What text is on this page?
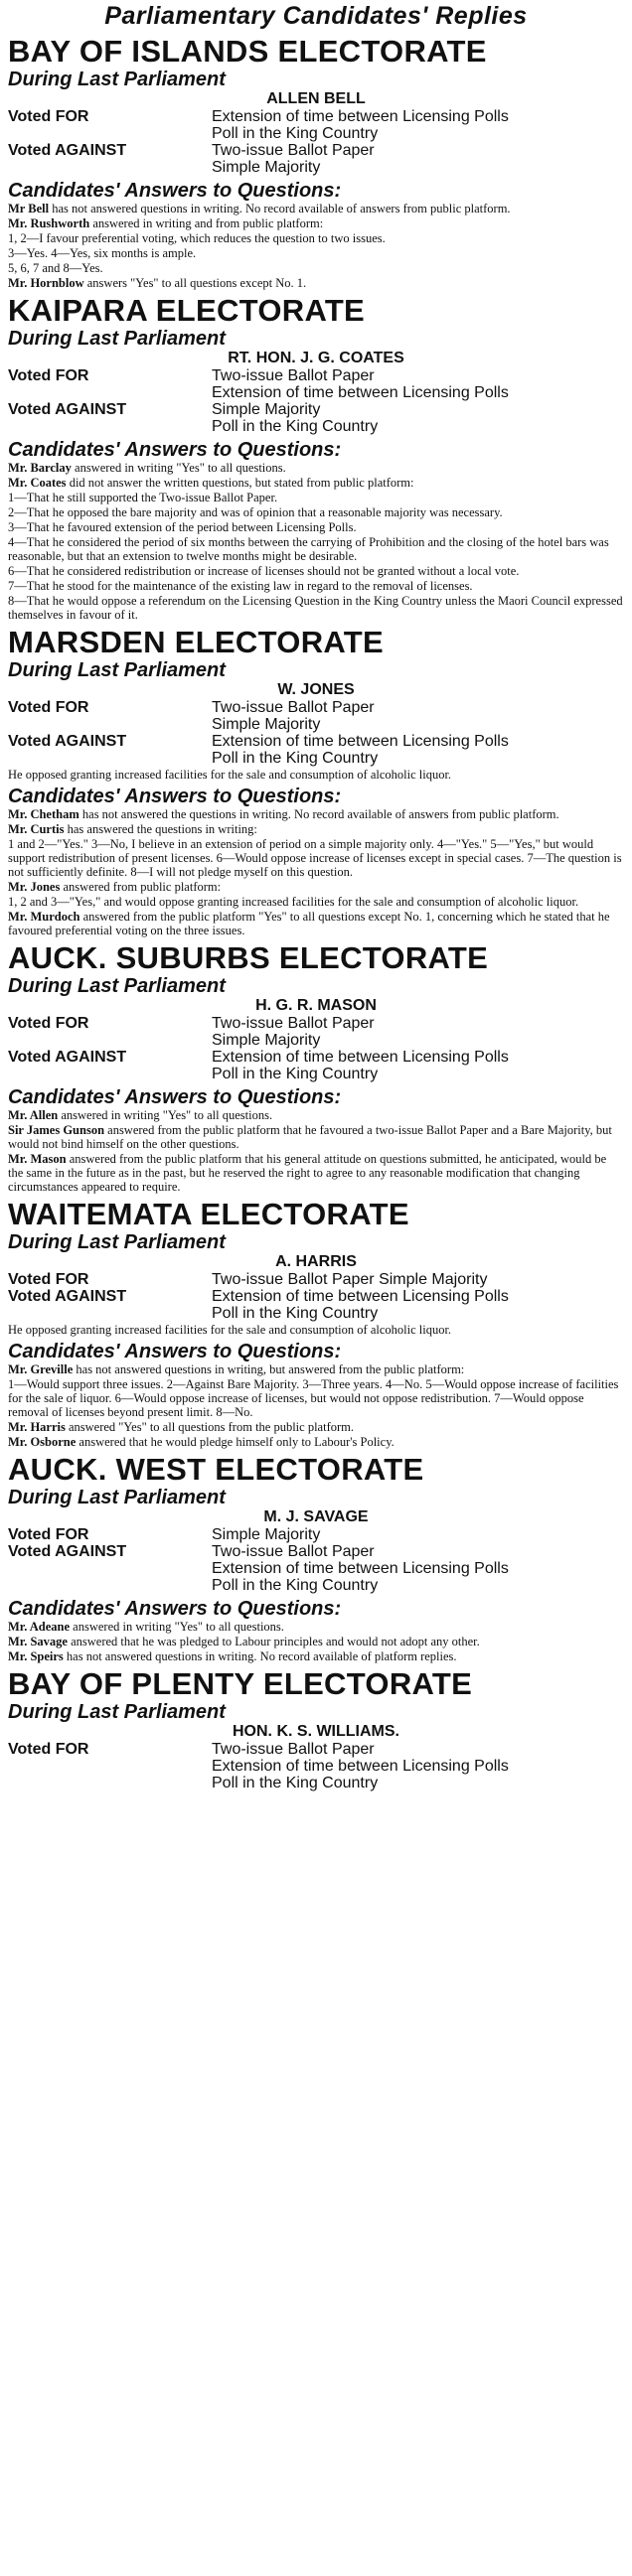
Parliamentary Candidates' Replies
BAY OF ISLANDS ELECTORATE
During Last Parliament
ALLEN BELL
Voted FOR	Extension of time between Licensing Polls
Poll in the King Country
Voted AGAINST	Two-issue Ballot Paper
Simple Majority
Candidates' Answers to Questions:

Mr Bell has not answered questions in writing. No record available of answers from public platform.

Mr. Rushworth answered in writing and from public platform:

1, 2—I favour preferential voting, which reduces the question to two issues.

3—Yes. 4—Yes, six months is ample.

5, 6, 7 and 8—Yes.

Mr. Hornblow answers "Yes" to all questions except No. 1.

KAIPARA ELECTORATE
During Last Parliament
RT. HON. J. G. COATES
Voted FOR	Two-issue Ballot Paper
Extension of time between Licensing Polls
Voted AGAINST	Simple Majority
Poll in the King Country
Candidates' Answers to Questions:

Mr. Barclay answered in writing "Yes" to all questions.

Mr. Coates did not answer the written questions, but stated from public platform:

1—That he still supported the Two-issue Ballot Paper.

2—That he opposed the bare majority and was of opinion that a reasonable majority was necessary.

3—That he favoured extension of the period between Licensing Polls.

4—That he considered the period of six months between the carrying of Prohibition and the closing of the hotel bars was reasonable, but that an extension to twelve months might be desirable.

6—That he considered redistribution or increase of licenses should not be granted without a local vote.

7—That he stood for the maintenance of the existing law in regard to the removal of licenses.

8—That he would oppose a referendum on the Licensing Question in the King Country unless the Maori Council expressed themselves in favour of it.

MARSDEN ELECTORATE
During Last Parliament
W. JONES
Voted FOR	Two-issue Ballot Paper
Simple Majority
Voted AGAINST	Extension of time between Licensing Polls
Poll in the King Country

He opposed granting increased facilities for the sale and consumption of alcoholic liquor.

Candidates' Answers to Questions:

Mr. Chetham has not answered the questions in writing. No record available of answers from public platform.

Mr. Curtis has answered the questions in writing:

1 and 2—"Yes." 3—No, I believe in an extension of period on a simple majority only. 4—"Yes." 5—"Yes," but would support redistribution of present licenses. 6—Would oppose increase of licenses except in special cases. 7—The question is not sufficiently definite. 8—I will not pledge myself on this question.

Mr. Jones answered from public platform:

1, 2 and 3—"Yes," and would oppose granting increased facilities for the sale and consumption of alcoholic liquor.

Mr. Murdoch answered from the public platform "Yes" to all questions except No. 1, concerning which he stated that he favoured preferential voting on the three issues.

AUCK. SUBURBS ELECTORATE
During Last Parliament
H. G. R. MASON
Voted FOR	Two-issue Ballot Paper
Simple Majority
Voted AGAINST	Extension of time between Licensing Polls
Poll in the King Country
Candidates' Answers to Questions:

Mr. Allen answered in writing "Yes" to all questions.

Sir James Gunson answered from the public platform that he favoured a two-issue Ballot Paper and a Bare Majority, but would not bind himself on the other questions.

Mr. Mason answered from the public platform that his general attitude on questions submitted, he anticipated, would be the same in the future as in the past, but he reserved the right to agree to any reasonable modification that changing circumstances appeared to require.

WAITEMATA ELECTORATE
During Last Parliament
A. HARRIS
Voted FOR	Two-issue Ballot Paper Simple Majority
Voted AGAINST	Extension of time between Licensing Polls
Poll in the King Country

He opposed granting increased facilities for the sale and consumption of alcoholic liquor.

Candidates' Answers to Questions:

Mr. Greville has not answered questions in writing, but answered from the public platform:

1—Would support three issues. 2—Against Bare Majority. 3—Three years. 4—No. 5—Would oppose increase of facilities for the sale of liquor. 6—Would oppose increase of licenses, but would not oppose redistribution. 7—Would oppose removal of licenses beyond present limit. 8—No.

Mr. Harris answered "Yes" to all questions from the public platform.

Mr. Osborne answered that he would pledge himself only to Labour's Policy.

AUCK. WEST ELECTORATE
During Last Parliament
M. J. SAVAGE
Voted FOR	Simple Majority
Voted AGAINST	Two-issue Ballot Paper
Extension of time between Licensing Polls
Poll in the King Country
Candidates' Answers to Questions:

Mr. Adeane answered in writing "Yes" to all questions.

Mr. Savage answered that he was pledged to Labour principles and would not adopt any other.

Mr. Speirs has not answered questions in writing. No record available of platform replies.

BAY OF PLENTY ELECTORATE
During Last Parliament
HON. K. S. WILLIAMS.
Voted FOR	Two-issue Ballot Paper
Extension of time between Licensing Polls
Poll in the King Country
